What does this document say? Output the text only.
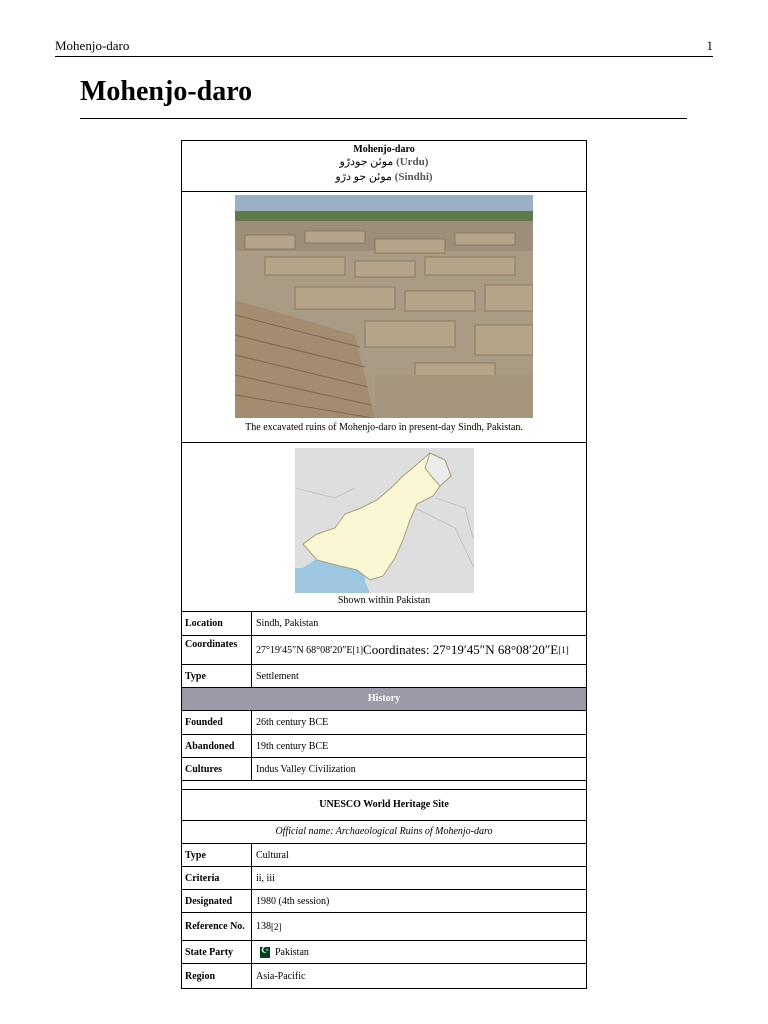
Mohenjo-daro	1
Mohenjo-daro
Mohenjo-daro
موئن جودڑو (Urdu)
موئن جو دڙو (Sindhi)
The excavated ruins of Mohenjo-daro in present-day Sindh, Pakistan.
Shown within Pakistan
Location	Sindh, Pakistan
Coordinates	27°19′45″N 68°08′20″E [1] Coordinates: 27°19′45″N 68°08′20″E [1]
Type	Settlement
History
Founded	26th century BCE
Abandoned	19th century BCE
Cultures	Indus Valley Civilization
UNESCO World Heritage Site
Official name: Archaeological Ruins of Mohenjo-daro
Type	Cultural
Criteria	ii, iii
Designated	1980 (4th session)
Reference No.	138 [2]
State Party
☪	Pakistan
Region	Asia-Pacific
